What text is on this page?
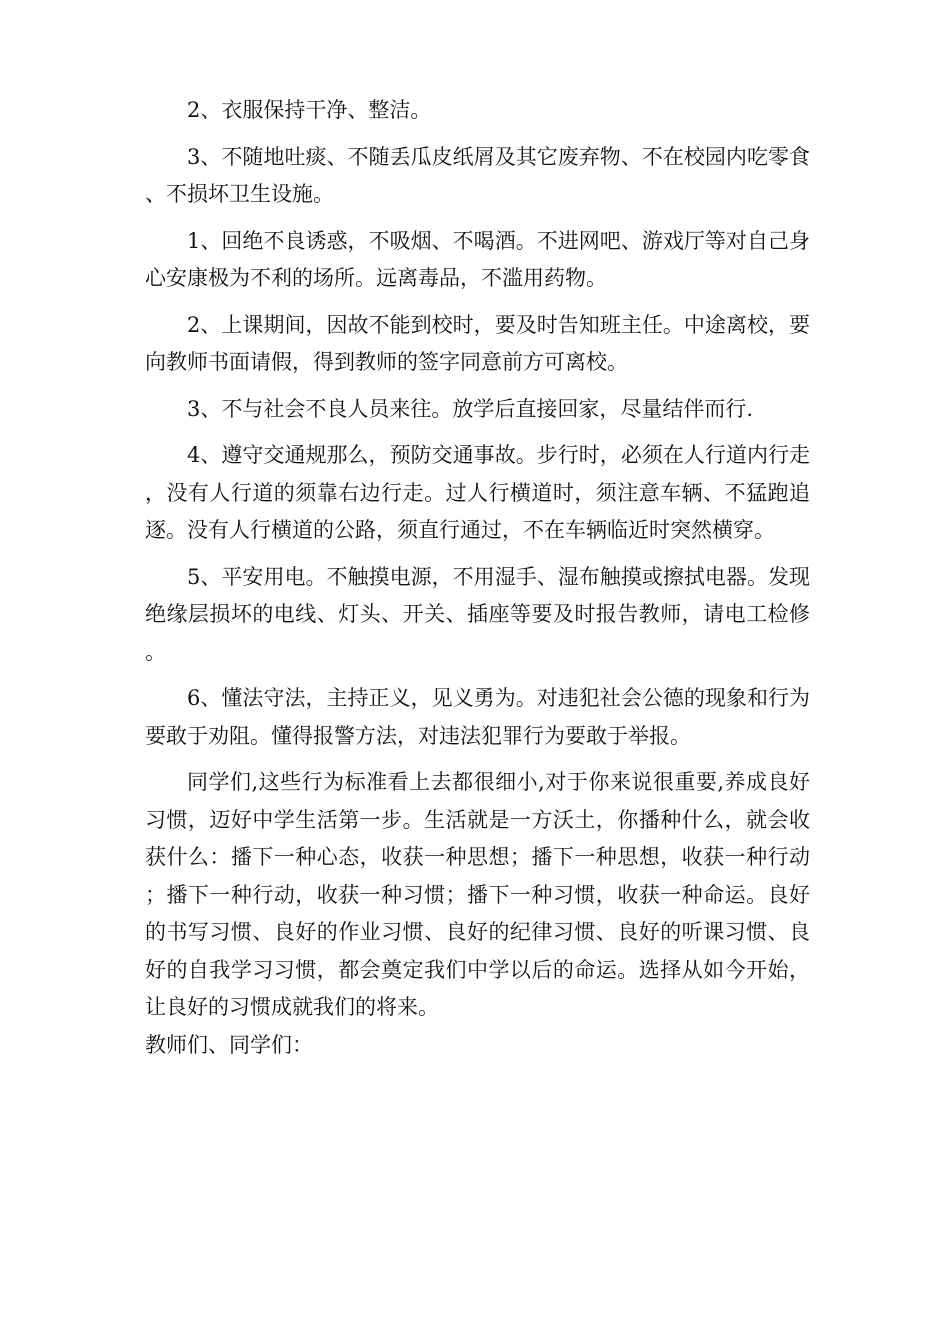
2、衣服保持干净、整洁。

3、不随地吐痰、不随丢瓜皮纸屑及其它废弃物、不在校园内吃零食、不损坏卫生设施。

1、回绝不良诱惑，不吸烟、不喝酒。不进网吧、游戏厅等对自己身心安康极为不利的场所。远离毒品，不滥用药物。

2、上课期间，因故不能到校时，要及时告知班主任。中途离校，要向教师书面请假，得到教师的签字同意前方可离校。

3、不与社会不良人员来往。放学后直接回家，尽量结伴而行.

4、遵守交通规那么，预防交通事故。步行时，必须在人行道内行走，没有人行道的须靠右边行走。过人行横道时，须注意车辆、不猛跑追逐。没有人行横道的公路，须直行通过，不在车辆临近时突然横穿。

5、平安用电。不触摸电源，不用湿手、湿布触摸或擦拭电器。发现绝缘层损坏的电线、灯头、开关、插座等要及时报告教师，请电工检修。

6、懂法守法，主持正义，见义勇为。对违犯社会公德的现象和行为要敢于劝阻。懂得报警方法，对违法犯罪行为要敢于举报。

同学们,这些行为标准看上去都很细小,对于你来说很重要,养成良好习惯，迈好中学生活第一步。生活就是一方沃土，你播种什么，就会收获什么：播下一种心态，收获一种思想；播下一种思想，收获一种行动；播下一种行动，收获一种习惯；播下一种习惯，收获一种命运。良好的书写习惯、良好的作业习惯、良好的纪律习惯、良好的听课习惯、良好的自我学习习惯，都会奠定我们中学以后的命运。选择从如今开始，让良好的习惯成就我们的将来。

教师们、同学们：
